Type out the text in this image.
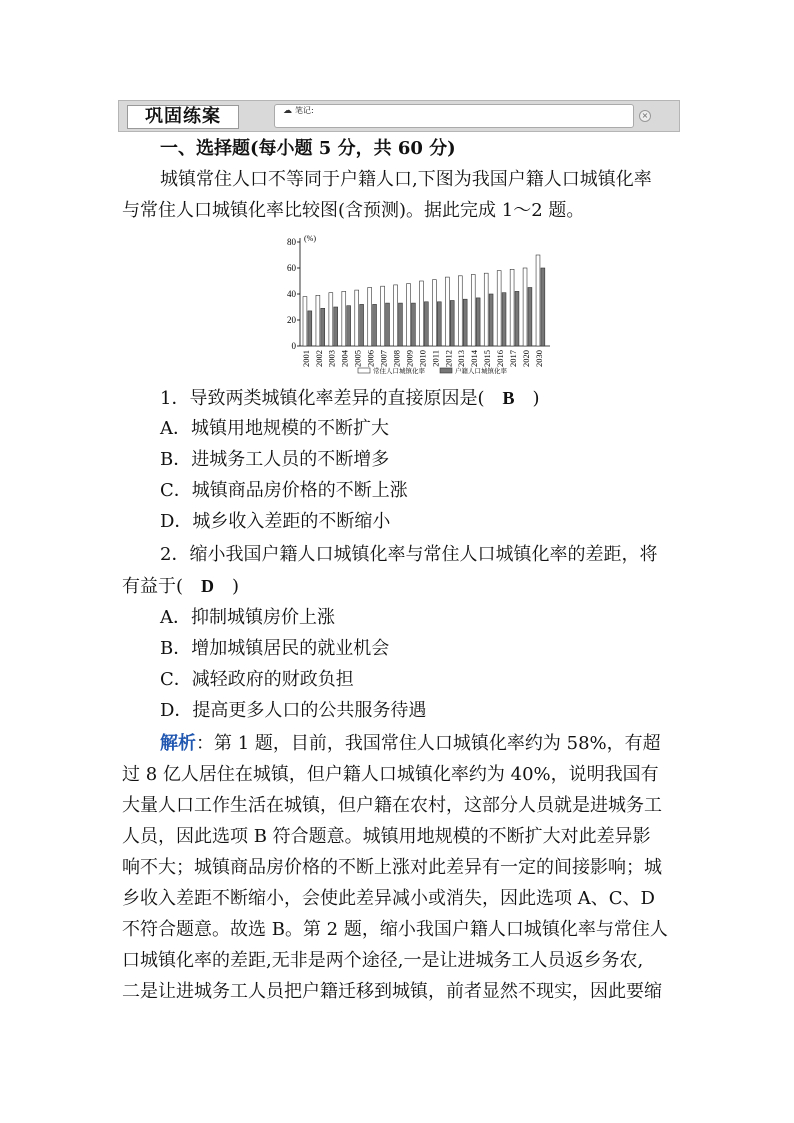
巩固练案	☁ 笔记:
×
一、选择题(每小题 5 分，共 60 分)
城镇常住人口不等同于户籍人口,下图为我国户籍人口城镇化率
与常住人口城镇化率比较图(含预测)。据此完成 1～2 题。
0
20
40
60
80 (%)
2001 2002 2003 2004 2005 2006 2007 2008 2009 2010 2011 2012 2013 2014 2015 2016 2017 2020 2030
常住人口城镇化率	户籍人口城镇化率
1．导致两类城镇化率差异的直接原因是(　B　)
A．城镇用地规模的不断扩大
B．进城务工人员的不断增多
C．城镇商品房价格的不断上涨
D．城乡收入差距的不断缩小
2．缩小我国户籍人口城镇化率与常住人口城镇化率的差距，将
有益于(　D　)
A．抑制城镇房价上涨
B．增加城镇居民的就业机会
C．减轻政府的财政负担
D．提高更多人口的公共服务待遇
解析：第 1 题，目前，我国常住人口城镇化率约为 58%，有超
过 8 亿人居住在城镇，但户籍人口城镇化率约为 40%，说明我国有
大量人口工作生活在城镇，但户籍在农村，这部分人员就是进城务工
人员，因此选项 B 符合题意。城镇用地规模的不断扩大对此差异影
响不大；城镇商品房价格的不断上涨对此差异有一定的间接影响；城
乡收入差距不断缩小，会使此差异减小或消失，因此选项 A、C、D
不符合题意。故选 B。第 2 题，缩小我国户籍人口城镇化率与常住人
口城镇化率的差距,无非是两个途径,一是让进城务工人员返乡务农,
二是让进城务工人员把户籍迁移到城镇，前者显然不现实，因此要缩
